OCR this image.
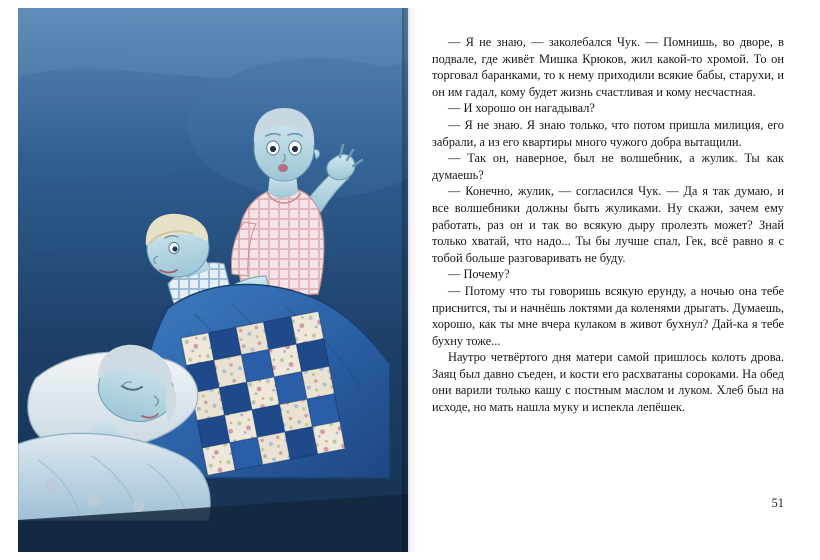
— Я не знаю, — заколебался Чук. — Помнишь, во дворе, в подвале, где живёт Мишка Крюков, жил какой-то хромой. То он торговал баранками, то к нему приходили всякие бабы, старухи, и он им гадал, кому будет жизнь счастливая и кому несчастная.

— И хорошо он нагадывал?

— Я не знаю. Я знаю только, что потом пришла милиция, его забрали, а из его квартиры много чужого добра вытащили.

— Так он, наверное, был не волшебник, а жулик. Ты как думаешь?

— Конечно, жулик, — согласился Чук. — Да я так думаю, и все волшебники должны быть жуликами. Ну скажи, зачем ему работать, раз он и так во всякую дыру пролезть может? Знай только хватай, что надо... Ты бы лучше спал, Гек, всё равно я с тобой больше разговаривать не буду.

— Почему?

— Потому что ты говоришь всякую ерунду, а ночью она тебе приснится, ты и начнёшь локтями да коленями дрыгать. Думаешь, хорошо, как ты мне вчера кулаком в живот бухнул? Дай-ка я тебе бухну тоже...

Наутро четвёртого дня матери самой пришлось колоть дрова. Заяц был давно съеден, и кости его расхватаны сороками. На обед они варили только кашу с постным маслом и луком. Хлеб был на исходе, но мать нашла муку и испекла лепёшек.

51
